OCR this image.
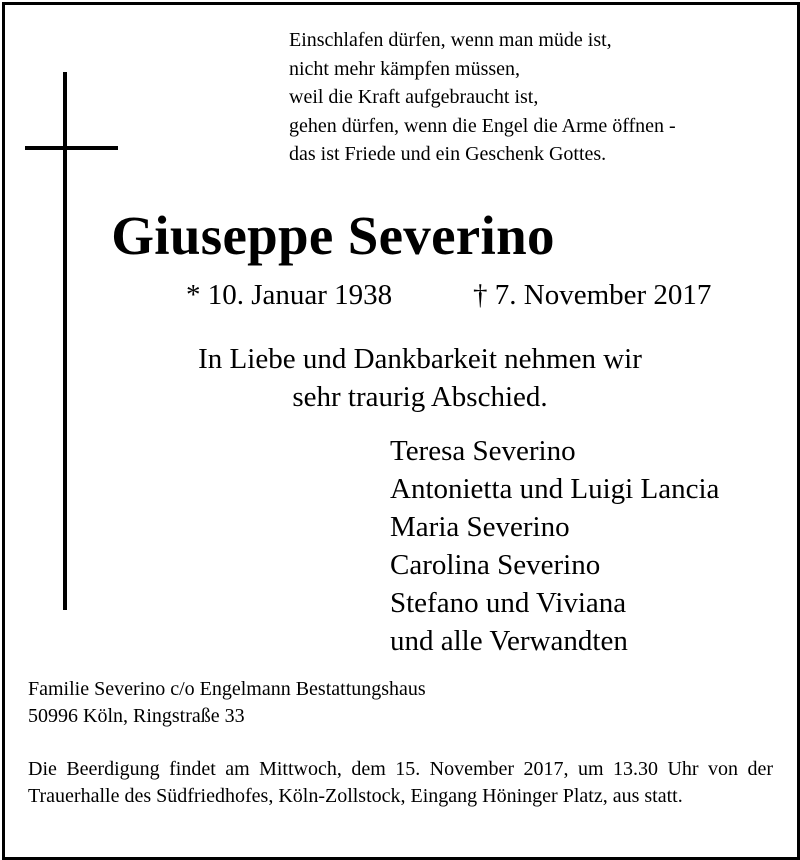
Einschlafen dürfen, wenn man müde ist,
nicht mehr kämpfen müssen,
weil die Kraft aufgebraucht ist,
gehen dürfen, wenn die Engel die Arme öffnen -
das ist Friede und ein Geschenk Gottes.
Giuseppe Severino
* 10. Januar 1938	† 7. November 2017
In Liebe und Dankbarkeit nehmen wir
sehr traurig Abschied.
Teresa Severino
Antonietta und Luigi Lancia
Maria Severino
Carolina Severino
Stefano und Viviana
und alle Verwandten
Familie Severino c/o Engelmann Bestattungshaus
50996 Köln, Ringstraße 33
Die Beerdigung findet am Mittwoch, dem 15. November 2017, um 13.30 Uhr von der Trauerhalle des Südfriedhofes, Köln-Zollstock, Eingang Höninger Platz, aus statt.
